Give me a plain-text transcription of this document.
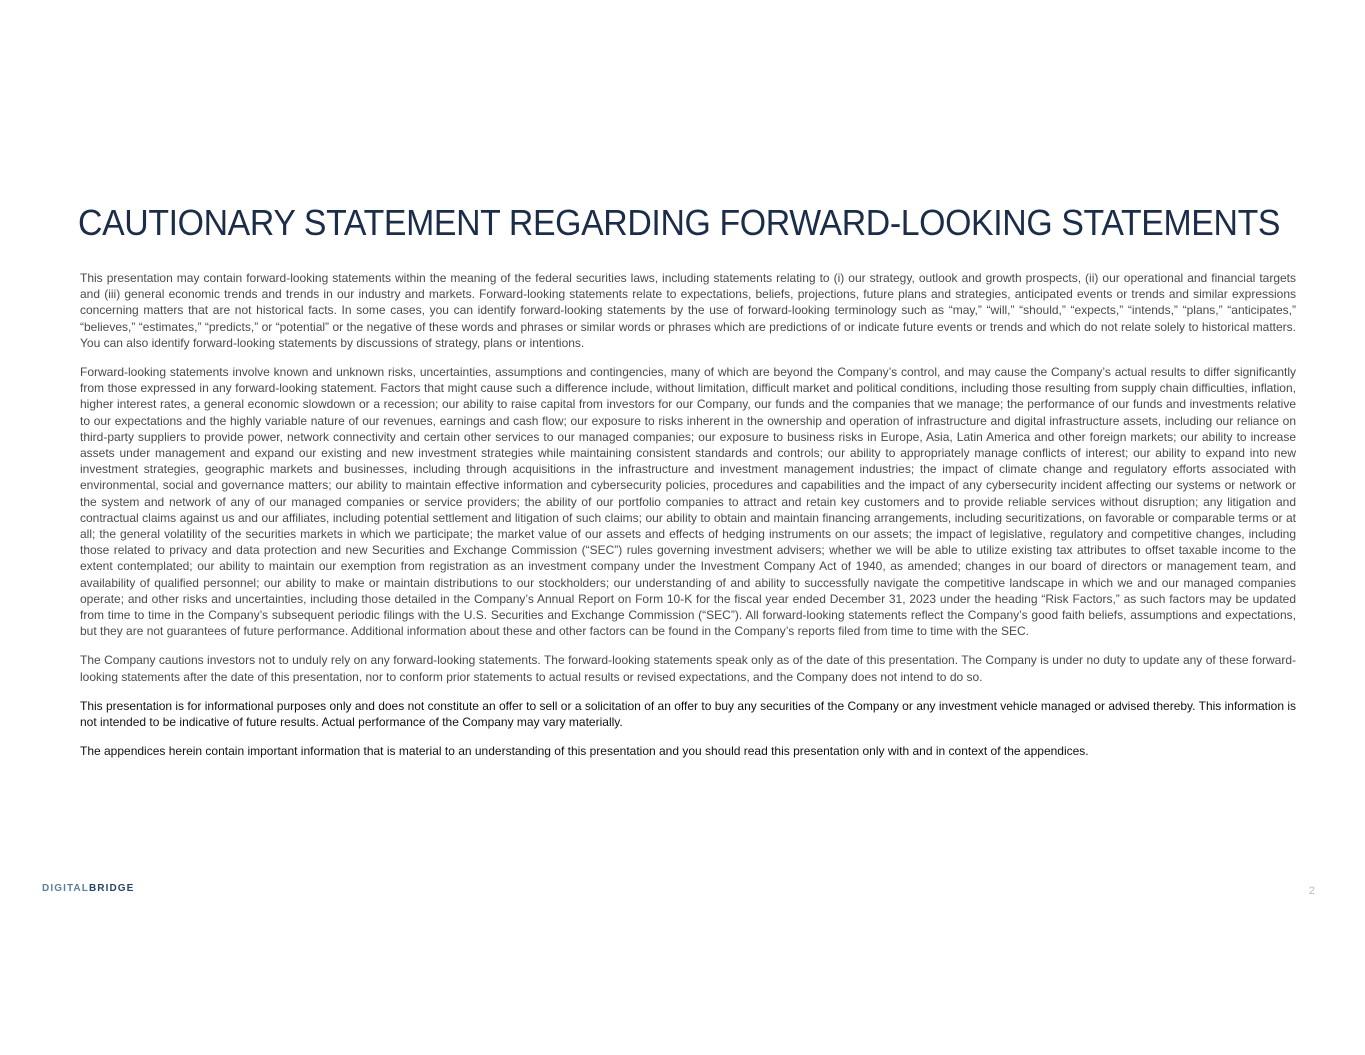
CAUTIONARY STATEMENT REGARDING FORWARD-LOOKING STATEMENTS

This presentation may contain forward-looking statements within the meaning of the federal securities laws, including statements relating to (i) our strategy, outlook and growth prospects, (ii) our operational and financial targets and (iii) general economic trends and trends in our industry and markets. Forward-looking statements relate to expectations, beliefs, projections, future plans and strategies, anticipated events or trends and similar expressions concerning matters that are not historical facts. In some cases, you can identify forward-looking statements by the use of forward-looking terminology such as “may,” “will,” “should,” “expects,” “intends,” “plans,” “anticipates,” “believes,” “estimates,” “predicts,” or “potential” or the negative of these words and phrases or similar words or phrases which are predictions of or indicate future events or trends and which do not relate solely to historical matters. You can also identify forward-looking statements by discussions of strategy, plans or intentions.

Forward-looking statements involve known and unknown risks, uncertainties, assumptions and contingencies, many of which are beyond the Company’s control, and may cause the Company’s actual results to differ significantly from those expressed in any forward-looking statement. Factors that might cause such a difference include, without limitation, difficult market and political conditions, including those resulting from supply chain difficulties, inflation, higher interest rates, a general economic slowdown or a recession; our ability to raise capital from investors for our Company, our funds and the companies that we manage; the performance of our funds and investments relative to our expectations and the highly variable nature of our revenues, earnings and cash flow; our exposure to risks inherent in the ownership and operation of infrastructure and digital infrastructure assets, including our reliance on third-party suppliers to provide power, network connectivity and certain other services to our managed companies; our exposure to business risks in Europe, Asia, Latin America and other foreign markets; our ability to increase assets under management and expand our existing and new investment strategies while maintaining consistent standards and controls; our ability to appropriately manage conflicts of interest; our ability to expand into new investment strategies, geographic markets and businesses, including through acquisitions in the infrastructure and investment management industries; the impact of climate change and regulatory efforts associated with environmental, social and governance matters; our ability to maintain effective information and cybersecurity policies, procedures and capabilities and the impact of any cybersecurity incident affecting our systems or network or the system and network of any of our managed companies or service providers; the ability of our portfolio companies to attract and retain key customers and to provide reliable services without disruption; any litigation and contractual claims against us and our affiliates, including potential settlement and litigation of such claims; our ability to obtain and maintain financing arrangements, including securitizations, on favorable or comparable terms or at all; the general volatility of the securities markets in which we participate; the market value of our assets and effects of hedging instruments on our assets; the impact of legislative, regulatory and competitive changes, including those related to privacy and data protection and new Securities and Exchange Commission (“SEC”) rules governing investment advisers; whether we will be able to utilize existing tax attributes to offset taxable income to the extent contemplated; our ability to maintain our exemption from registration as an investment company under the Investment Company Act of 1940, as amended; changes in our board of directors or management team, and availability of qualified personnel; our ability to make or maintain distributions to our stockholders; our understanding of and ability to successfully navigate the competitive landscape in which we and our managed companies operate; and other risks and uncertainties, including those detailed in the Company’s Annual Report on Form 10-K for the fiscal year ended December 31, 2023 under the heading “Risk Factors,” as such factors may be updated from time to time in the Company’s subsequent periodic filings with the U.S. Securities and Exchange Commission (“SEC”). All forward-looking statements reflect the Company’s good faith beliefs, assumptions and expectations, but they are not guarantees of future performance. Additional information about these and other factors can be found in the Company’s reports filed from time to time with the SEC.

The Company cautions investors not to unduly rely on any forward-looking statements. The forward-looking statements speak only as of the date of this presentation. The Company is under no duty to update any of these forward-looking statements after the date of this presentation, nor to conform prior statements to actual results or revised expectations, and the Company does not intend to do so.

This presentation is for informational purposes only and does not constitute an offer to sell or a solicitation of an offer to buy any securities of the Company or any investment vehicle managed or advised thereby. This information is not intended to be indicative of future results. Actual performance of the Company may vary materially.

The appendices herein contain important information that is material to an understanding of this presentation and you should read this presentation only with and in context of the appendices.

DIGITALBRIDGE	2
